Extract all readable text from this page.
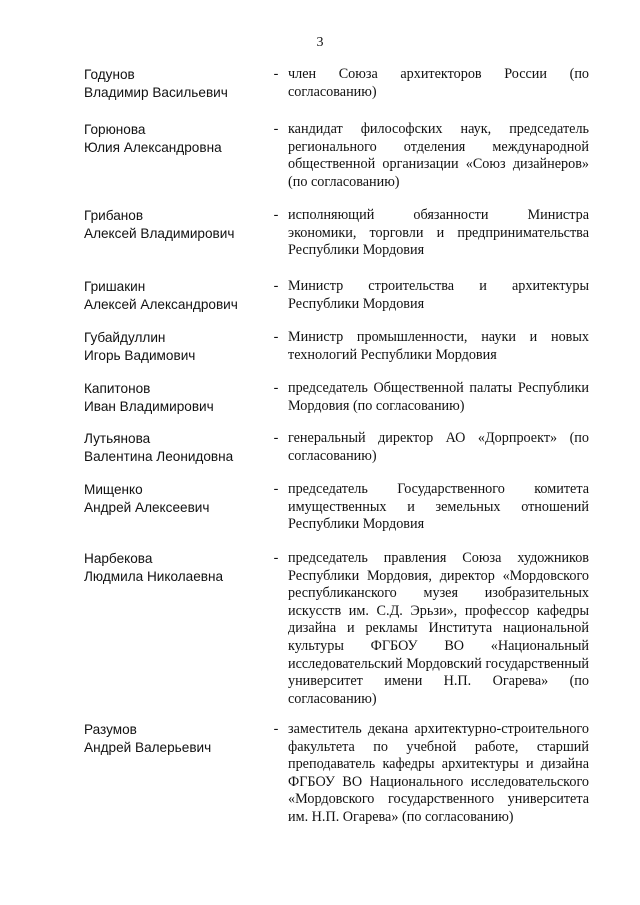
3
Годунов
Владимир Васильевич
- член Союза архитекторов России (по согласованию)
Горюнова
Юлия Александровна
- кандидат философских наук, председатель регионального отделения международной общественной организации «Союз дизайнеров» (по согласованию)
Грибанов
Алексей Владимирович
- исполняющий обязанности Министра экономики, торговли и предпринимательства Республики Мордовия
Гришакин
Алексей Александрович
- Министр строительства и архитектуры Республики Мордовия
Губайдуллин
Игорь Вадимович
- Министр промышленности, науки и новых технологий Республики Мордовия
Капитонов
Иван Владимирович
- председатель Общественной палаты Республики Мордовия (по согласованию)
Лутьянова
Валентина Леонидовна
- генеральный директор АО «Дорпроект» (по согласованию)
Мищенко
Андрей Алексеевич
- председатель Государственного комитета имущественных и земельных отношений Республики Мордовия
Нарбекова
Людмила Николаевна
- председатель правления Союза художников Республики Мордовия, директор «Мордовского республиканского музея изобразительных искусств им. С.Д. Эрьзи», профессор кафедры дизайна и рекламы Института национальной культуры ФГБОУ ВО «Национальный исследовательский Мордовский государственный университет имени Н.П. Огарева» (по согласованию)
Разумов
Андрей Валерьевич
- заместитель декана архитектурно-строительного факультета по учебной работе, старший преподаватель кафедры архитектуры и дизайна ФГБОУ ВО Национального исследовательского «Мордовского государственного университета им. Н.П. Огарева» (по согласованию)
